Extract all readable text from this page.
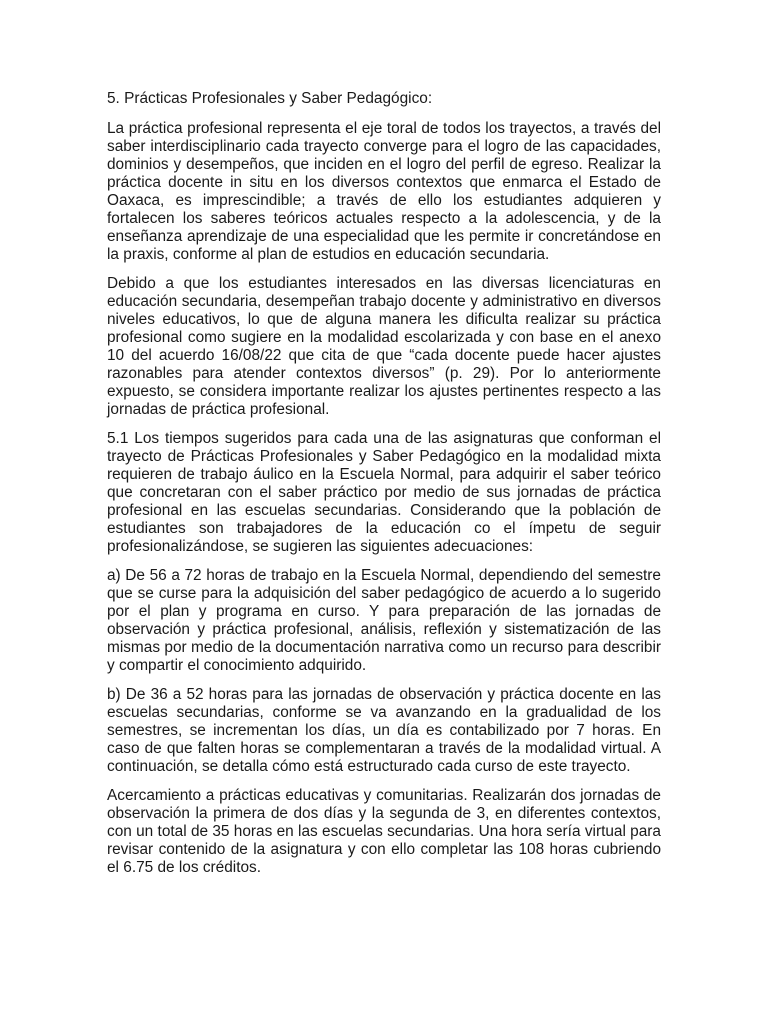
5. Prácticas Profesionales y Saber Pedagógico:

La práctica profesional representa el eje toral de todos los trayectos, a través del saber interdisciplinario cada trayecto converge para el logro de las capacidades, dominios y desempeños, que inciden en el logro del perfil de egreso. Realizar la práctica docente in situ en los diversos contextos que enmarca el Estado de Oaxaca, es imprescindible; a través de ello los estudiantes adquieren y fortalecen los saberes teóricos actuales respecto a la adolescencia, y de la enseñanza aprendizaje de una especialidad que les permite ir concretándose en la praxis, conforme al plan de estudios en educación secundaria.

Debido a que los estudiantes interesados en las diversas licenciaturas en educación secundaria, desempeñan trabajo docente y administrativo en diversos niveles educativos, lo que de alguna manera les dificulta realizar su práctica profesional como sugiere en la modalidad escolarizada y con base en el anexo 10 del acuerdo 16/08/22 que cita de que “cada docente puede hacer ajustes razonables para atender contextos diversos” (p. 29). Por lo anteriormente expuesto, se considera importante realizar los ajustes pertinentes respecto a las jornadas de práctica profesional.

5.1 Los tiempos sugeridos para cada una de las asignaturas que conforman el trayecto de Prácticas Profesionales y Saber Pedagógico en la modalidad mixta requieren de trabajo áulico en la Escuela Normal, para adquirir el saber teórico que concretaran con el saber práctico por medio de sus jornadas de práctica profesional en las escuelas secundarias. Considerando que la población de estudiantes son trabajadores de la educación co el ímpetu de seguir profesionalizándose, se sugieren las siguientes adecuaciones:

a) De 56 a 72 horas de trabajo en la Escuela Normal, dependiendo del semestre que se curse para la adquisición del saber pedagógico de acuerdo a lo sugerido por el plan y programa en curso. Y para preparación de las jornadas de observación y práctica profesional, análisis, reflexión y sistematización de las mismas por medio de la documentación narrativa como un recurso para describir y compartir el conocimiento adquirido.

b) De 36 a 52 horas para las jornadas de observación y práctica docente en las escuelas secundarias, conforme se va avanzando en la gradualidad de los semestres, se incrementan los días, un día es contabilizado por 7 horas. En caso de que falten horas se complementaran a través de la modalidad virtual. A continuación, se detalla cómo está estructurado cada curso de este trayecto.

Acercamiento a prácticas educativas y comunitarias. Realizarán dos jornadas de observación la primera de dos días y la segunda de 3, en diferentes contextos, con un total de 35 horas en las escuelas secundarias. Una hora sería virtual para revisar contenido de la asignatura y con ello completar las 108 horas cubriendo el 6.75 de los créditos.
